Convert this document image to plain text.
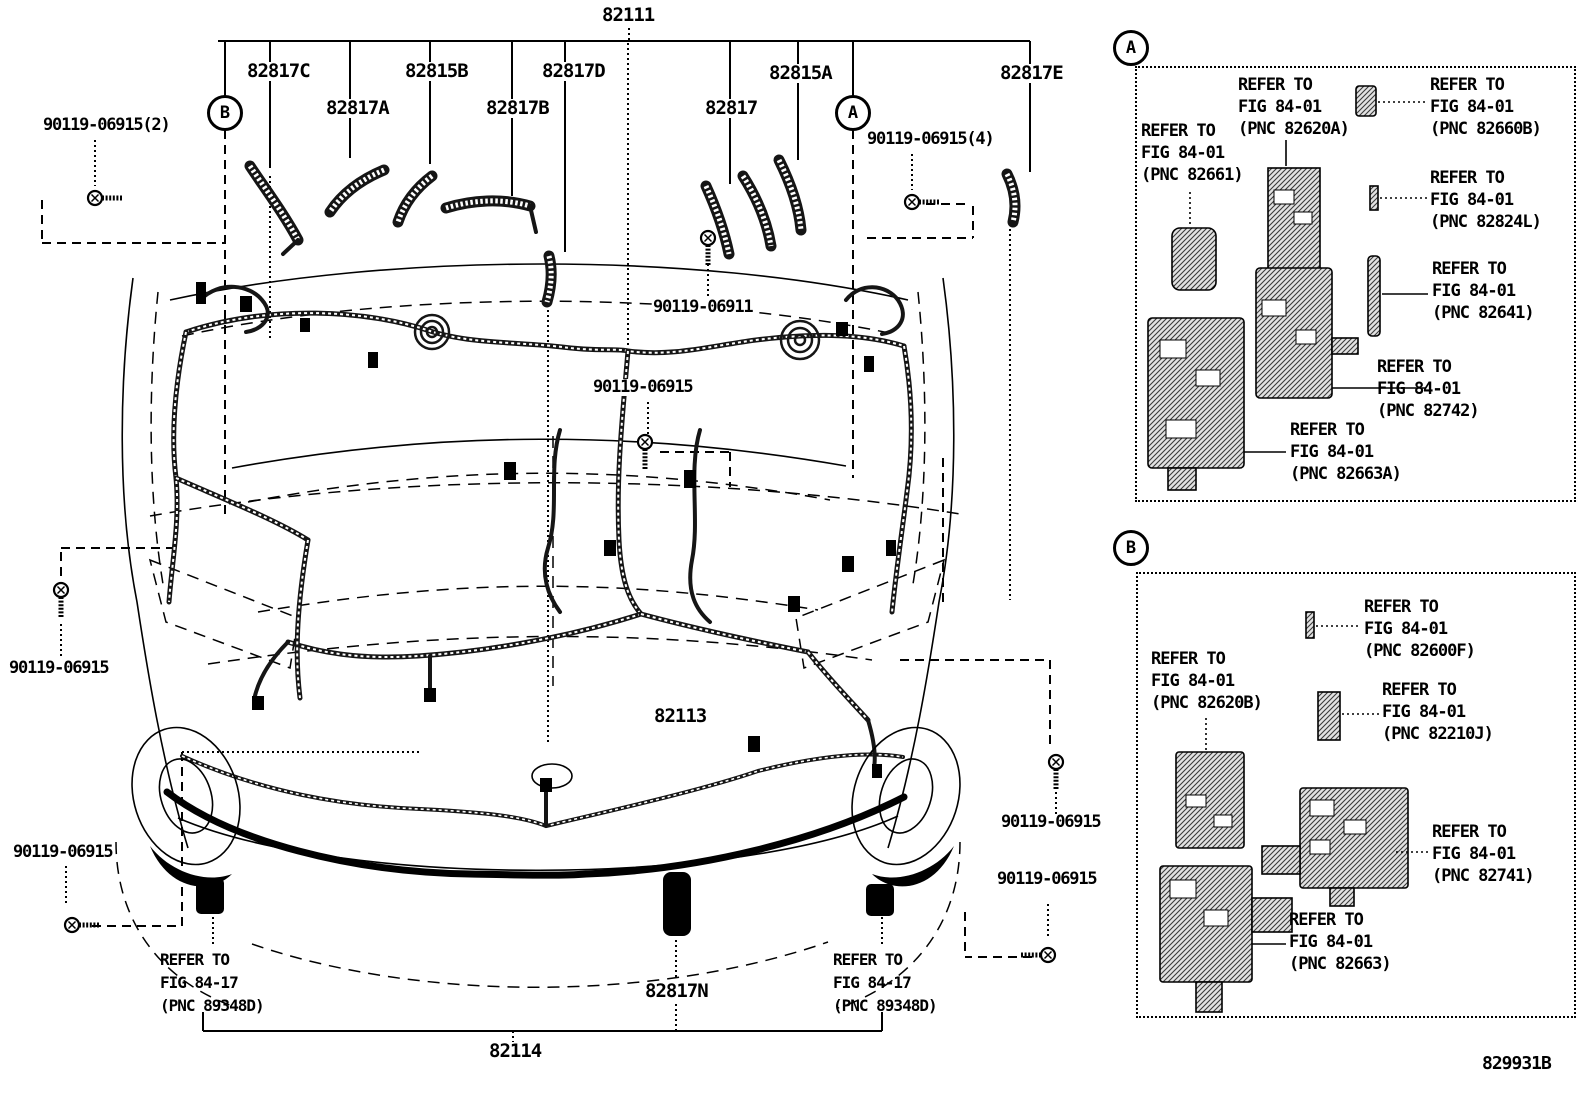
B	A
A
B
82111
82817C	82815B	82817D	82815A	82817E
82817A	82817B	82817
82113
82817N
82114
90119-06915(2)
90119-06915(4)
90119-06911
90119-06915
90119-06915
90119-06915
90119-06915
90119-06915
REFER TO
FIG 84-17
(PNC 89348D)
REFER TO
FIG 84-17
(PNC 89348D)
REFER TO
FIG 84-01
(PNC 82620A)
REFER TO
FIG 84-01
(PNC 82660B)
REFER TO
FIG 84-01
(PNC 82661)	REFER TO
FIG 84-01
(PNC 82824L)
REFER TO
FIG 84-01
(PNC 82641)
REFER TO
FIG 84-01
(PNC 82742)
REFER TO
FIG 84-01
(PNC 82663A)
REFER TO
FIG 84-01
(PNC 82600F)
REFER TO
FIG 84-01
(PNC 82620B)
REFER TO
FIG 84-01
(PNC 82210J)
REFER TO
FIG 84-01
(PNC 82741)
REFER TO
FIG 84-01
(PNC 82663)
829931B
